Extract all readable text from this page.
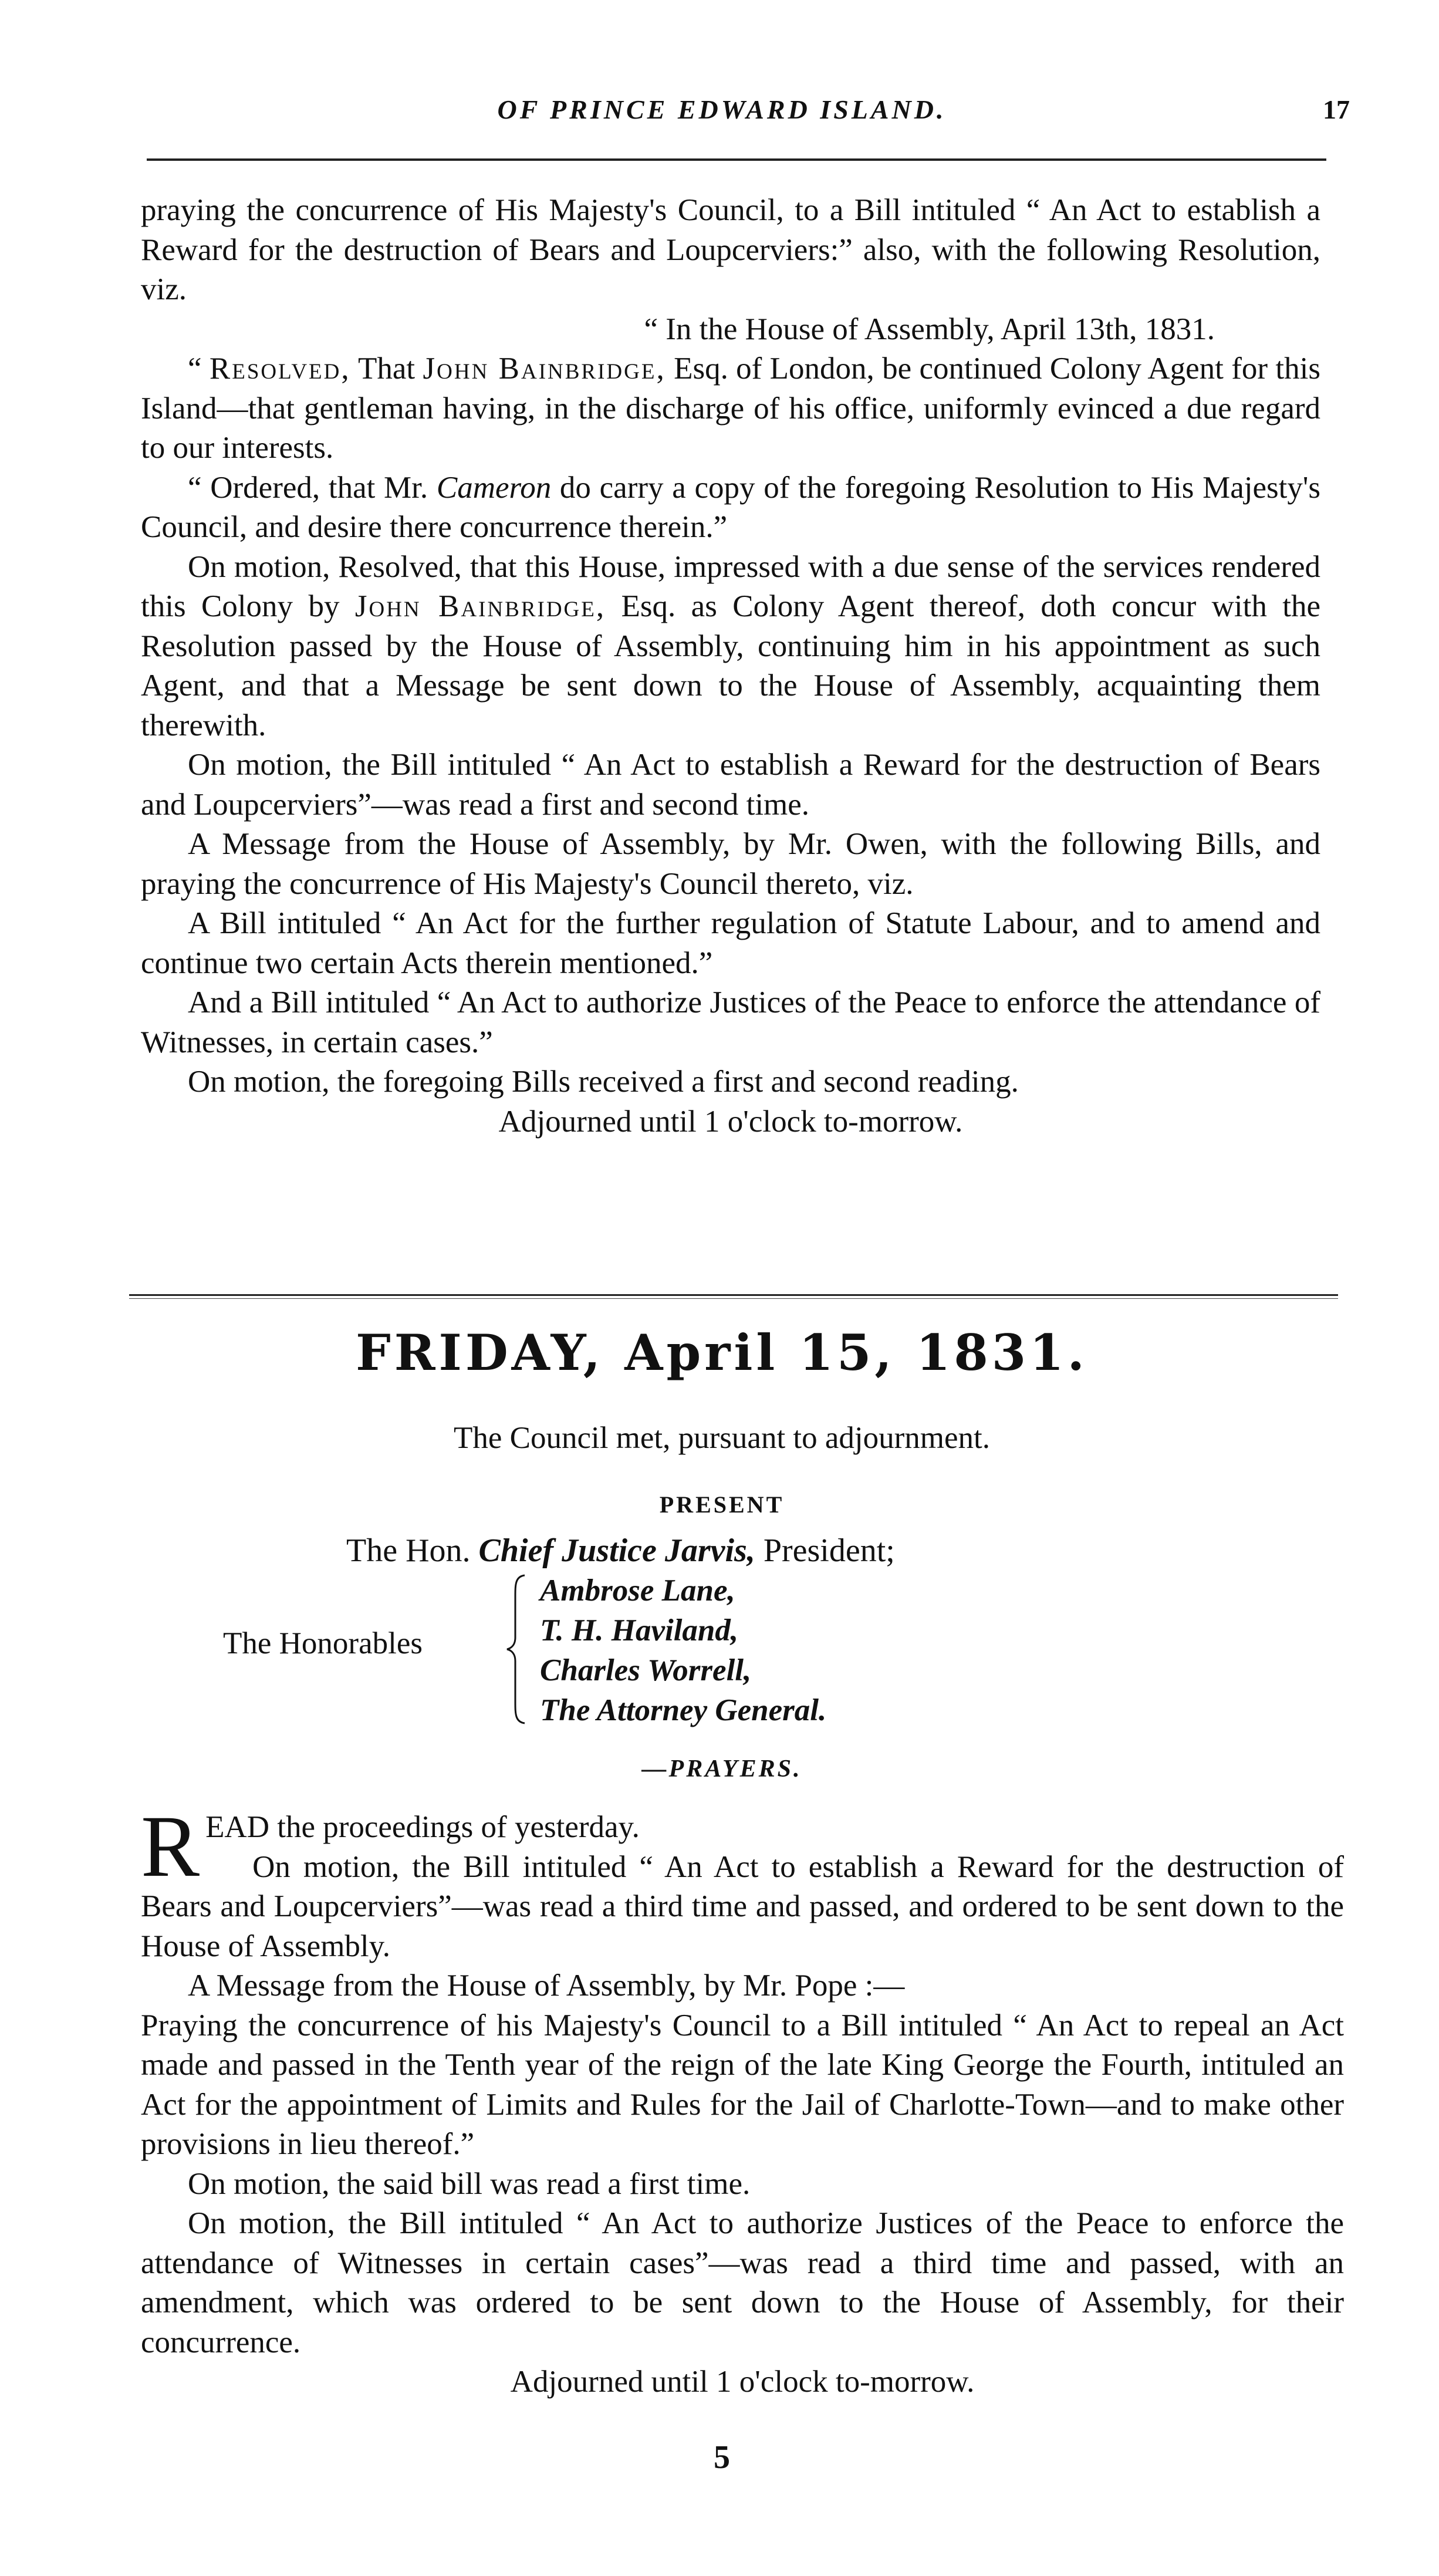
OF PRINCE EDWARD ISLAND.	17

praying the concurrence of His Majesty's Council, to a Bill intituled “ An Act to establish a Reward for the destruction of Bears and Loupcerviers:” also, with the following Resolution, viz.

“ In the House of Assembly, April 13th, 1831.

“ Resolved, That John Bainbridge, Esq. of London, be continued Colony Agent for this Island—that gentleman having, in the discharge of his office, uniformly evinced a due regard to our interests.

“ Ordered, that Mr. Cameron do carry a copy of the foregoing Resolution to His Majesty's Council, and desire there concurrence therein.”

On motion, Resolved, that this House, impressed with a due sense of the services rendered this Colony by John Bainbridge, Esq. as Colony Agent thereof, doth concur with the Resolution passed by the House of Assembly, continuing him in his appointment as such Agent, and that a Message be sent down to the House of Assembly, acquainting them therewith.

On motion, the Bill intituled “ An Act to establish a Reward for the destruction of Bears and Loupcerviers”—was read a first and second time.

A Message from the House of Assembly, by Mr. Owen, with the following Bills, and praying the concurrence of His Majesty's Council thereto, viz.

A Bill intituled “ An Act for the further regulation of Statute Labour, and to amend and continue two certain Acts therein mentioned.”

And a Bill intituled “ An Act to authorize Justices of the Peace to enforce the attendance of Witnesses, in certain cases.”

On motion, the foregoing Bills received a first and second reading.

Adjourned until 1 o'clock to-morrow.

FRIDAY, April 15, 1831.
The Council met, pursuant to adjournment.
PRESENT
The Hon. Chief Justice Jarvis, President;
The Honorables
Ambrose Lane,
T. H. Haviland,
Charles Worrell,
The Attorney General.
—PRAYERS.

READ the proceedings of yesterday.

On motion, the Bill intituled “ An Act to establish a Reward for the destruction of Bears and Loupcerviers”—was read a third time and passed, and ordered to be sent down to the House of Assembly.

A Message from the House of Assembly, by Mr. Pope :—

Praying the concurrence of his Majesty's Council to a Bill intituled “ An Act to repeal an Act made and passed in the Tenth year of the reign of the late King George the Fourth, intituled an Act for the appointment of Limits and Rules for the Jail of Charlotte-Town—and to make other provisions in lieu thereof.”

On motion, the said bill was read a first time.

On motion, the Bill intituled “ An Act to authorize Justices of the Peace to enforce the attendance of Witnesses in certain cases”—was read a third time and passed, with an amendment, which was ordered to be sent down to the House of Assembly, for their concurrence.

Adjourned until 1 o'clock to-morrow.

5
